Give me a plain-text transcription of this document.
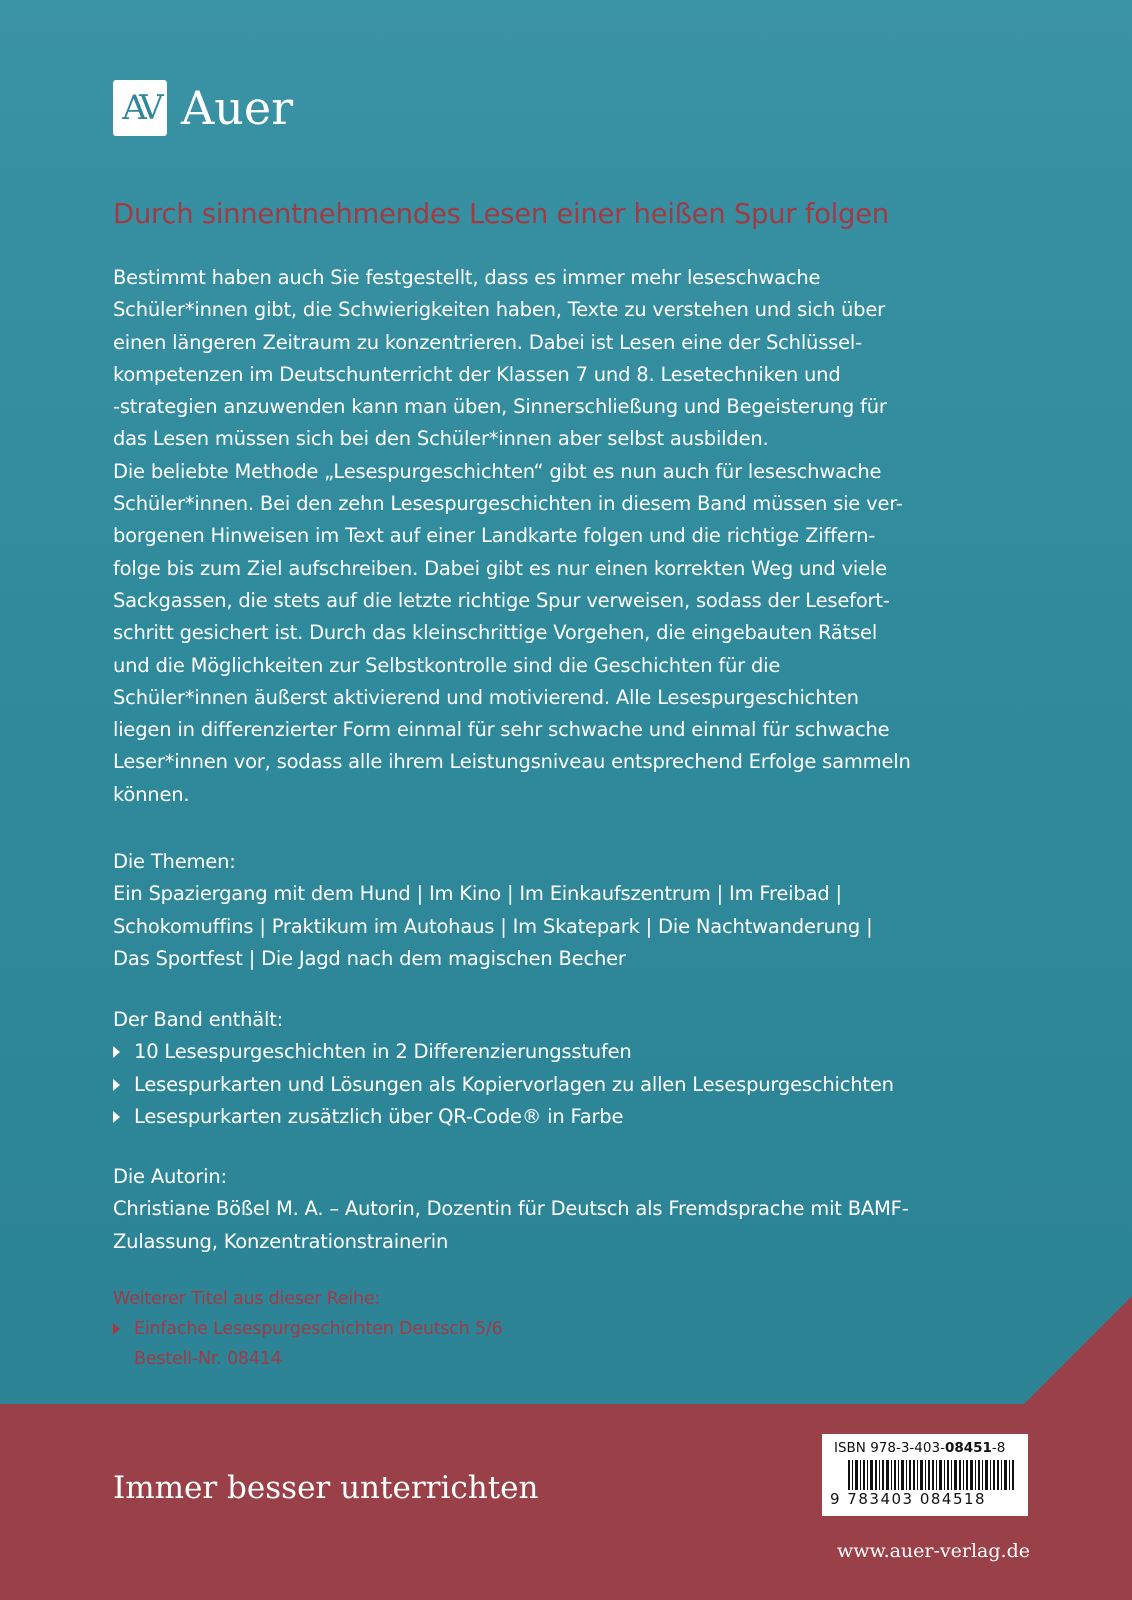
AV Auer
Durch sinnentnehmendes Lesen einer heißen Spur folgen
Bestimmt haben auch Sie festgestellt, dass es immer mehr leseschwache
Schüler*innen gibt, die Schwierigkeiten haben, Texte zu verstehen und sich über
einen längeren Zeitraum zu konzentrieren. Dabei ist Lesen eine der Schlüssel-
kompetenzen im Deutschunterricht der Klassen 7 und 8. Lesetechniken und
-strategien anzuwenden kann man üben, Sinnerschließung und Begeisterung für
das Lesen müssen sich bei den Schüler*innen aber selbst ausbilden.
Die beliebte Methode „Lesespurgeschichten“ gibt es nun auch für leseschwache
Schüler*innen. Bei den zehn Lesespurgeschichten in diesem Band müssen sie ver-
borgenen Hinweisen im Text auf einer Landkarte folgen und die richtige Ziffern-
folge bis zum Ziel aufschreiben. Dabei gibt es nur einen korrekten Weg und viele
Sackgassen, die stets auf die letzte richtige Spur verweisen, sodass der Lesefort-
schritt gesichert ist. Durch das kleinschrittige Vorgehen, die eingebauten Rätsel
und die Möglichkeiten zur Selbstkontrolle sind die Geschichten für die
Schüler*innen äußerst aktivierend und motivierend. Alle Lesespurgeschichten
liegen in differenzierter Form einmal für sehr schwache und einmal für schwache
Leser*innen vor, sodass alle ihrem Leistungsniveau entsprechend Erfolge sammeln
können.
Die Themen:
Ein Spaziergang mit dem Hund | Im Kino | Im Einkaufszentrum | Im Freibad |
Schokomuffins | Praktikum im Autohaus | Im Skatepark | Die Nachtwanderung |
Das Sportfest | Die Jagd nach dem magischen Becher
Der Band enthält:
10 Lesespurgeschichten in 2 Differenzierungsstufen
Lesespurkarten und Lösungen als Kopiervorlagen zu allen Lesespurgeschichten
Lesespurkarten zusätzlich über QR-Code® in Farbe
Die Autorin:
Christiane Bößel M. A. – Autorin, Dozentin für Deutsch als Fremdsprache mit BAMF-
Zulassung, Konzentrationstrainerin
Weiterer Titel aus dieser Reihe:
Einfache Lesespurgeschichten Deutsch 5/6
Bestell-Nr. 08414
Immer besser unterrichten
ISBN 978-3-403-08451-8
9 783403 084518
www.auer-verlag.de
